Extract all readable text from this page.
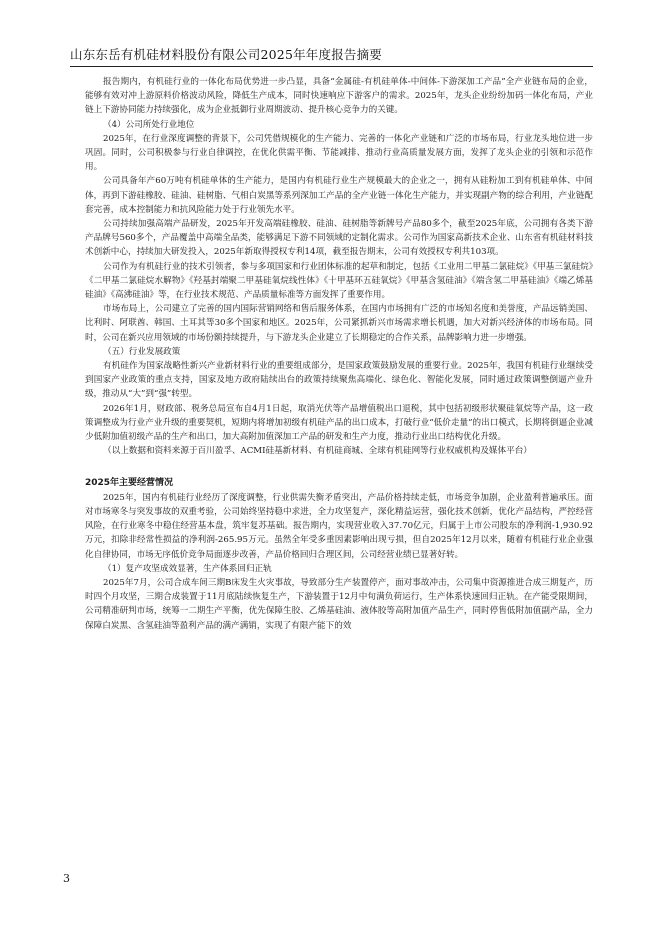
山东东岳有机硅材料股份有限公司2025年年度报告摘要

报告期内，有机硅行业的一体化布局优势进一步凸显，具备“金属硅-有机硅单体-中间体-下游深加工产品”全产业链布局的企业，能够有效对冲上游原料价格波动风险，降低生产成本，同时快速响应下游客户的需求。2025年，龙头企业纷纷加码一体化布局，产业链上下游协同能力持续强化，成为企业抵御行业周期波动、提升核心竞争力的关键。

（4）公司所处行业地位

2025年，在行业深度调整的背景下，公司凭借规模化的生产能力、完善的一体化产业链和广泛的市场布局，行业龙头地位进一步巩固。同时，公司积极参与行业自律调控，在优化供需平衡、节能减排、推动行业高质量发展方面，发挥了龙头企业的引领和示范作用。

公司具备年产60万吨有机硅单体的生产能力，是国内有机硅行业生产规模最大的企业之一，拥有从硅粉加工到有机硅单体、中间体，再到下游硅橡胶、硅油、硅树脂、气相白炭黑等系列深加工产品的全产业链一体化生产能力，并实现副产物的综合利用，产业链配套完善，成本控制能力和抗风险能力处于行业领先水平。

公司持续加强高端产品研发，2025年开发高端硅橡胶、硅油、硅树脂等新牌号产品80多个，截至2025年底，公司拥有各类下游产品牌号560多个，产品覆盖中高端全品类，能够满足下游不同领域的定制化需求。公司作为国家高新技术企业、山东省有机硅材料技术创新中心，持续加大研发投入，2025年新取得授权专利14项，截至报告期末，公司有效授权专利共103项。

公司作为有机硅行业的技术引领者，参与多项国家和行业团体标准的起草和制定，包括《工业用二甲基二氯硅烷》《甲基三氯硅烷》《二甲基二氯硅烷水解物》《羟基封端聚二甲基硅氧烷线性体》《十甲基环五硅氧烷》《甲基含氢硅油》《端含氢二甲基硅油》《端乙烯基硅油》《高沸硅油》等，在行业技术规范、产品质量标准等方面发挥了重要作用。

市场布局上，公司建立了完善的国内国际营销网络和售后服务体系，在国内市场拥有广泛的市场知名度和美誉度，产品远销美国、比利时、阿联酋、韩国、土耳其等30多个国家和地区。2025年，公司紧抓新兴市场需求增长机遇，加大对新兴经济体的市场布局。同时，公司在新兴应用领域的市场份额持续提升，与下游龙头企业建立了长期稳定的合作关系，品牌影响力进一步增强。

（五）行业发展政策

有机硅作为国家战略性新兴产业新材料行业的重要组成部分，是国家政策鼓励发展的重要行业。2025年，我国有机硅行业继续受到国家产业政策的重点支持，国家及地方政府陆续出台的政策持续聚焦高端化、绿色化、智能化发展，同时通过政策调整倒逼产业升级，推动从“大”到“强”转型。

2026年1月，财政部、税务总局宣布自4月1日起，取消光伏等产品增值税出口退税，其中包括初级形状聚硅氧烷等产品，这一政策调整成为行业产业升级的重要契机，短期内将增加初级有机硅产品的出口成本，打破行业“低价走量”的出口模式，长期将倒逼企业减少低附加值初级产品的生产和出口，加大高附加值深加工产品的研发和生产力度，推动行业出口结构优化升级。

（以上数据和资料来源于百川盈孚、ACMI硅基新材料、有机硅商城、全球有机硅网等行业权威机构及媒体平台）

2025年主要经营情况

2025年，国内有机硅行业经历了深度调整，行业供需失衡矛盾突出，产品价格持续走低，市场竞争加剧，企业盈利普遍承压。面对市场寒冬与突发事故的双重考验，公司始终坚持稳中求进，全力攻坚复产，深化精益运营，强化技术创新，优化产品结构，严控经营风险，在行业寒冬中稳住经营基本盘，筑牢复苏基础。报告期内，实现营业收入37.70亿元，归属于上市公司股东的净利润-1,930.92万元，扣除非经常性损益的净利润-265.95万元。虽然全年受多重因素影响出现亏损，但自2025年12月以来，随着有机硅行业企业强化自律协同，市场无序低价竞争局面逐步改善，产品价格回归合理区间，公司经营业绩已显著好转。

（1）复产攻坚成效显著，生产体系回归正轨

2025年7月，公司合成车间三期B床发生火灾事故，导致部分生产装置停产，面对事故冲击，公司集中资源推进合成三期复产，历时四个月攻坚，三期合成装置于11月底陆续恢复生产，下游装置于12月中旬满负荷运行，生产体系快速回归正轨。在产能受限期间，公司精准研判市场，统筹一二期生产平衡，优先保障生胶、乙烯基硅油、液体胶等高附加值产品生产，同时停售低附加值副产品，全力保障白炭黑、含氢硅油等盈利产品的满产满销，实现了有限产能下的效

3
